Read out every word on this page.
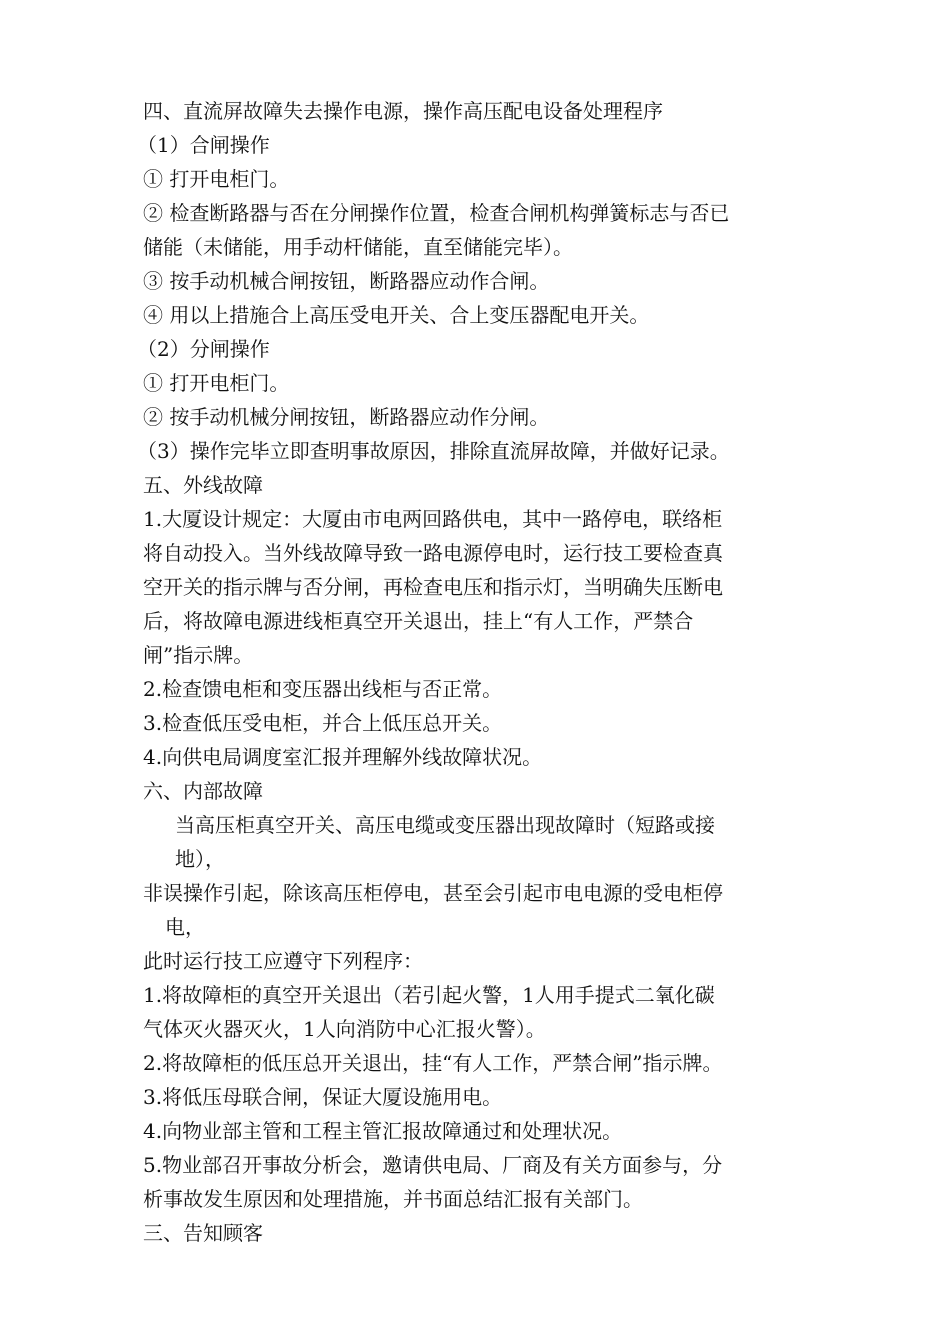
四、直流屏故障失去操作电源，操作高压配电设备处理程序

（1）合闸操作

① 打开电柜门。

② 检查断路器与否在分闸操作位置，检查合闸机构弹簧标志与否已

储能（未储能，用手动杆储能，直至储能完毕）。

③ 按手动机械合闸按钮，断路器应动作合闸。

④ 用以上措施合上高压受电开关、合上变压器配电开关。

（2）分闸操作

① 打开电柜门。

② 按手动机械分闸按钮，断路器应动作分闸。

（3）操作完毕立即查明事故原因，排除直流屏故障，并做好记录。

五、外线故障

1.大厦设计规定：大厦由市电两回路供电，其中一路停电，联络柜

将自动投入。当外线故障导致一路电源停电时，运行技工要检查真

空开关的指示牌与否分闸，再检查电压和指示灯，当明确失压断电

后，将故障电源进线柜真空开关退出，挂上“有人工作，严禁合

闸”指示牌。

2.检查馈电柜和变压器出线柜与否正常。

3.检查低压受电柜，并合上低压总开关。

4.向供电局调度室汇报并理解外线故障状况。

六、内部故障

当高压柜真空开关、高压电缆或变压器出现故障时（短路或接

地），

非误操作引起，除该高压柜停电，甚至会引起市电电源的受电柜停

电，

此时运行技工应遵守下列程序：

1.将故障柜的真空开关退出（若引起火警，1人用手提式二氧化碳

气体灭火器灭火，1人向消防中心汇报火警）。

2.将故障柜的低压总开关退出，挂“有人工作，严禁合闸”指示牌。

3.将低压母联合闸，保证大厦设施用电。

4.向物业部主管和工程主管汇报故障通过和处理状况。

5.物业部召开事故分析会，邀请供电局、厂商及有关方面参与，分

析事故发生原因和处理措施，并书面总结汇报有关部门。

三、告知顾客
